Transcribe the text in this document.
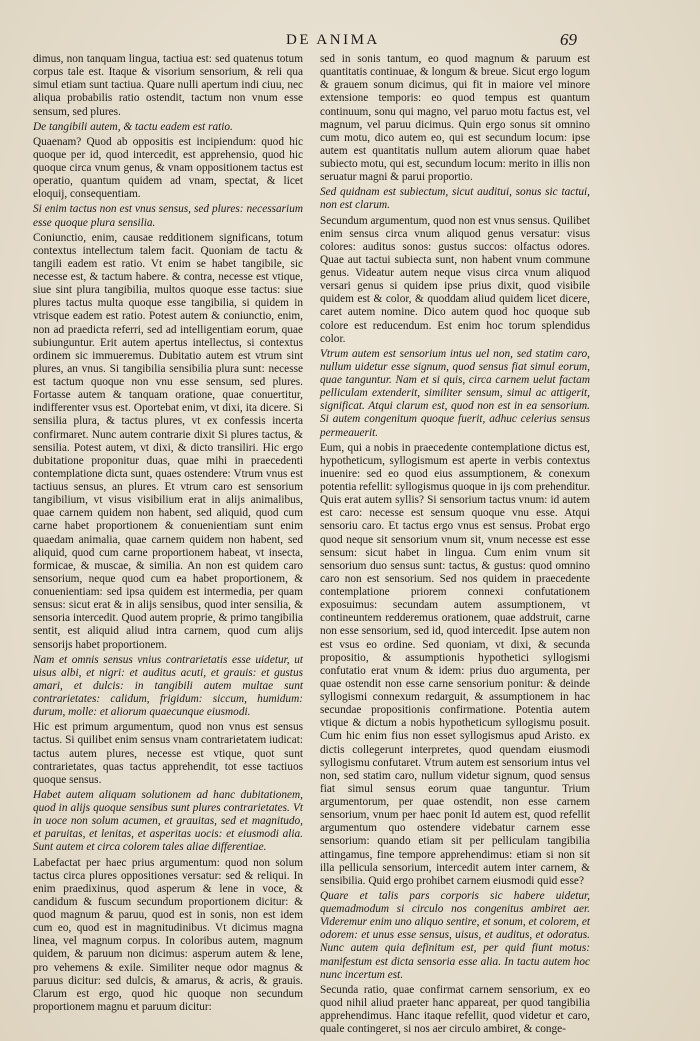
DE ANIMA	69

dimus, non tanquam lingua, tactiua est: sed quatenus totum corpus tale est. Itaque & visorium sensorium, & reli qua simul etiam sunt tactiua. Quare nulli apertum indi ciuu, nec aliqua probabilis ratio ostendit, tactum non vnum esse sensum, sed plures.

De tangibili autem, & tactu eadem est ratio.

Quaenam? Quod ab oppositis est incipiendum: quod hic quoque per id, quod intercedit, est apprehensio, quod hic quoque circa vnum genus, & vnam oppositionem tactus est operatio, quantum quidem ad vnam, spectat, & licet eloquij, consequentiam.

Si enim tactus non est vnus sensus, sed plures: necessarium esse quoque plura sensilia.

Coniunctio, enim, causae redditionem significans, totum contextus intellectum talem facit. Quoniam de tactu & tangili eadem est ratio. Vt enim se habet tangibile, sic necesse est, & tactum habere. & contra, necesse est vtique, siue sint plura tangibilia, multos quoque esse tactus: siue plures tactus multa quoque esse tangibilia, si quidem in vtrisque eadem est ratio. Potest autem & coniunctio, enim, non ad praedicta referri, sed ad intelligentiam eorum, quae subiunguntur. Erit autem apertus intellectus, si contextus ordinem sic immueremus. Dubitatio autem est vtrum sint plures, an vnus. Si tangibilia sensibilia plura sunt: necesse est tactum quoque non vnu esse sensum, sed plures. Fortasse autem & tanquam oratione, quae conuertitur, indifferenter vsus est. Oportebat enim, vt dixi, ita dicere. Si sensilia plura, & tactus plures, vt ex confessis incerta confirmaret. Nunc autem contrarie dixit Si plures tactus, & sensilia. Potest autem, vt dixi, & dicto transiliri. Hic ergo dubitatione proponitur duas, quae mihi in praecedenti contemplatione dicta sunt, quaes ostendere: Vtrum vnus est tactiuus sensus, an plures. Et vtrum caro est sensorium tangibilium, vt visus visibilium erat in alijs animalibus, quae carnem quidem non habent, sed aliquid, quod cum carne habet proportionem & conuenientiam sunt enim quaedam animalia, quae carnem quidem non habent, sed aliquid, quod cum carne proportionem habeat, vt insecta, formicae, & muscae, & similia. An non est quidem caro sensorium, neque quod cum ea habet proportionem, & conuenientiam: sed ipsa quidem est intermedia, per quam sensus: sicut erat & in alijs sensibus, quod inter sensilia, & sensoria intercedit. Quod autem proprie, & primo tangibilia sentit, est aliquid aliud intra carnem, quod cum alijs sensorijs habet proportionem.

Nam et omnis sensus vnius contrarietatis esse uidetur, ut uisus albi, et nigri: et auditus acuti, et grauis: et gustus amari, et dulcis: in tangibili autem multae sunt contrarietates: calidum, frigidum: siccum, humidum: durum, molle: et aliorum quaecunque eiusmodi.

Hic est primum argumentum, quod non vnus est sensus tactus. Si quilibet enim sensus vnam contrarietatem iudicat: tactus autem plures, necesse est vtique, quot sunt contrarietates, quas tactus apprehendit, tot esse tactiuos quoque sensus.

Habet autem aliquam solutionem ad hanc dubitationem, quod in alijs quoque sensibus sunt plures contrarietates. Vt in uoce non solum acumen, et grauitas, sed et magnitudo, et paruitas, et lenitas, et asperitas uocis: et eiusmodi alia. Sunt autem et circa colorem tales aliae differentiae.

Labefactat per haec prius argumentum: quod non solum tactus circa plures oppositiones versatur: sed & reliqui. In enim praedixinus, quod asperum & lene in voce, & candidum & fuscum secundum proportionem dicitur: & quod magnum & paruu, quod est in sonis, non est idem cum eo, quod est in magnitudinibus. Vt dicimus magna linea, vel magnum corpus. In coloribus autem, magnum quidem, & paruum non dicimus: asperum autem & lene, pro vehemens & exile. Similiter neque odor magnus & paruus dicitur: sed dulcis, & amarus, & acris, & grauis. Clarum est ergo, quod hic quoque non secundum proportionem magnu et paruum dicitur:

sed in sonis tantum, eo quod magnum & paruum est quantitatis continuae, & longum & breue. Sicut ergo logum & grauem sonum dicimus, qui fit in maiore vel minore extensione temporis: eo quod tempus est quantum continuum, sonu qui magno, vel paruo motu factus est, vel magnum, vel paruu dicimus. Quin ergo sonus sit omnino cum motu, dico autem eo, qui est secundum locum: ipse autem est quantitatis nullum autem aliorum quae habet subiecto motu, qui est, secundum locum: merito in illis non seruatur magni & parui proportio.

Sed quidnam est subiectum, sicut auditui, sonus sic tactui, non est clarum.

Secundum argumentum, quod non est vnus sensus. Quilibet enim sensus circa vnum aliquod genus versatur: visus colores: auditus sonos: gustus succos: olfactus odores. Quae aut tactui subiecta sunt, non habent vnum commune genus. Videatur autem neque visus circa vnum aliquod versari genus si quidem ipse prius dixit, quod visibile quidem est & color, & quoddam aliud quidem licet dicere, caret autem nomine. Dico autem quod hoc quoque sub colore est reducendum. Est enim hoc torum splendidus color.

Vtrum autem est sensorium intus uel non, sed statim caro, nullum uidetur esse signum, quod sensus fiat simul eorum, quae tanguntur. Nam et si quis, circa carnem uelut factam pelliculam extenderit, similiter sensum, simul ac attigerit, significat. Atqui clarum est, quod non est in ea sensorium. Si autem congenitum quoque fuerit, adhuc celerius sensus permeauerit.

Eum, qui a nobis in praecedente contemplatione dictus est, hypotheticum, syllogismum est aperte in verbis contextus inuenire: sed eo quod eius assumptionem, & conexum potentia refellit: syllogismus quoque in ijs com prehenditur. Quis erat autem syllis? Si sensorium tactus vnum: id autem est caro: necesse est sensum quoque vnu esse. Atqui sensoriu caro. Et tactus ergo vnus est sensus. Probat ergo quod neque sit sensorium vnum sit, vnum necesse est esse sensum: sicut habet in lingua. Cum enim vnum sit sensorium duo sensus sunt: tactus, & gustus: quod omnino caro non est sensorium. Sed nos quidem in praecedente contemplatione priorem connexi confutationem exposuimus: secundam autem assumptionem, vt contineuntem redderemus orationem, quae addstruit, carne non esse sensorium, sed id, quod intercedit. Ipse autem non est vsus eo ordine. Sed quoniam, vt dixi, & secunda propositio, & assumptionis hypothetici syllogismi confutatio erat vnum & idem: prius duo argumenta, per quae ostendit non esse carne sensorium ponitur: & deinde syllogismi connexum redarguit, & assumptionem in hac secundae propositionis confirmatione. Potentia autem vtique & dictum a nobis hypotheticum syllogismu posuit. Cum hic enim fius non esset syllogismus apud Aristo. ex dictis collegerunt interpretes, quod quendam eiusmodi syllogismu confutaret. Vtrum autem est sensorium intus vel non, sed statim caro, nullum videtur signum, quod sensus fiat simul sensus eorum quae tanguntur. Trium argumentorum, per quae ostendit, non esse carnem sensorium, vnum per haec ponit Id autem est, quod refellit argumentum quo ostendere videbatur carnem esse sensorium: quando etiam sit per pelliculam tangibilia attingamus, fine tempore apprehendimus: etiam si non sit illa pellicula sensorium, intercedit autem inter carnem, & sensibilia. Quid ergo prohibet carnem eiusmodi quid esse?

Quare et talis pars corporis sic habere uidetur, quemadmodum si circulo nos congenitus ambiret aer. Videremur enim uno aliquo sentire, et sonum, et colorem, et odorem: et unus esse sensus, uisus, et auditus, et odoratus. Nunc autem quia definitum est, per quid fiunt motus: manifestum est dicta sensoria esse alia. In tactu autem hoc nunc incertum est.

Secunda ratio, quae confirmat carnem sensorium, ex eo quod nihil aliud praeter hanc appareat, per quod tangibilia apprehendimus. Hanc itaque refellit, quod videtur et caro, quale contingeret, si nos aer circulo ambiret, & conge-
